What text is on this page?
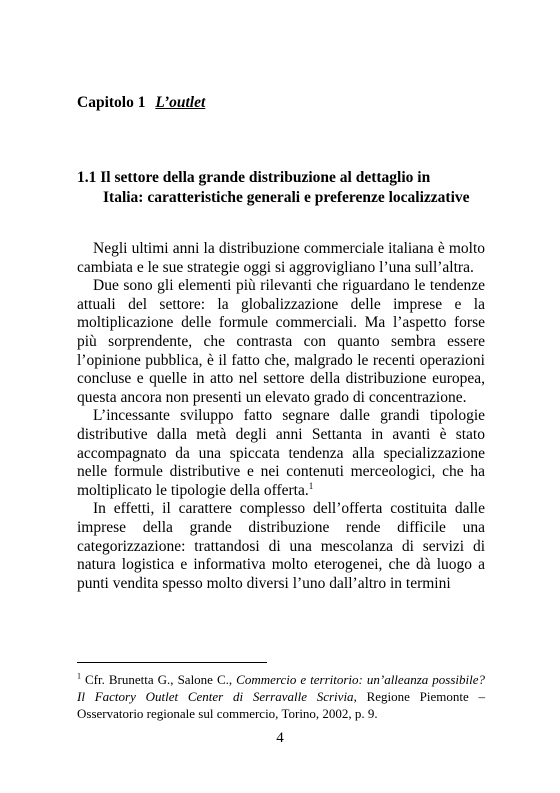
Capitolo 1 L’outlet
1.1 Il settore della grande distribuzione al dettaglio in
Italia: caratteristiche generali e preferenze localizzative

Negli ultimi anni la distribuzione commerciale italiana è molto cambiata e le sue strategie oggi si aggrovigliano l’una sull’altra.

Due sono gli elementi più rilevanti che riguardano le tendenze attuali del settore: la globalizzazione delle imprese e la moltiplicazione delle formule commerciali. Ma l’aspetto forse più sorprendente, che contrasta con quanto sembra essere l’opinione pubblica, è il fatto che, malgrado le recenti operazioni concluse e quelle in atto nel settore della distribuzione europea, questa ancora non presenti un elevato grado di concentrazione.

L’incessante sviluppo fatto segnare dalle grandi tipologie distributive dalla metà degli anni Settanta in avanti è stato accompagnato da una spiccata tendenza alla specializzazione nelle formule distributive e nei contenuti merceologici, che ha moltiplicato le tipologie della offerta.$^1$

In effetti, il carattere complesso dell’offerta costituita dalle imprese della grande distribuzione rende difficile una categorizzazione: trattandosi di una mescolanza di servizi di natura logistica e informativa molto eterogenei, che dà luogo a punti vendita spesso molto diversi l’uno dall’altro in termini

$^1$ Cfr. Brunetta G., Salone C., Commercio e territorio: un’alleanza possibile? Il Factory Outlet Center di Serravalle Scrivia, Regione Piemonte – Osservatorio regionale sul commercio, Torino, 2002, p. 9.
4
